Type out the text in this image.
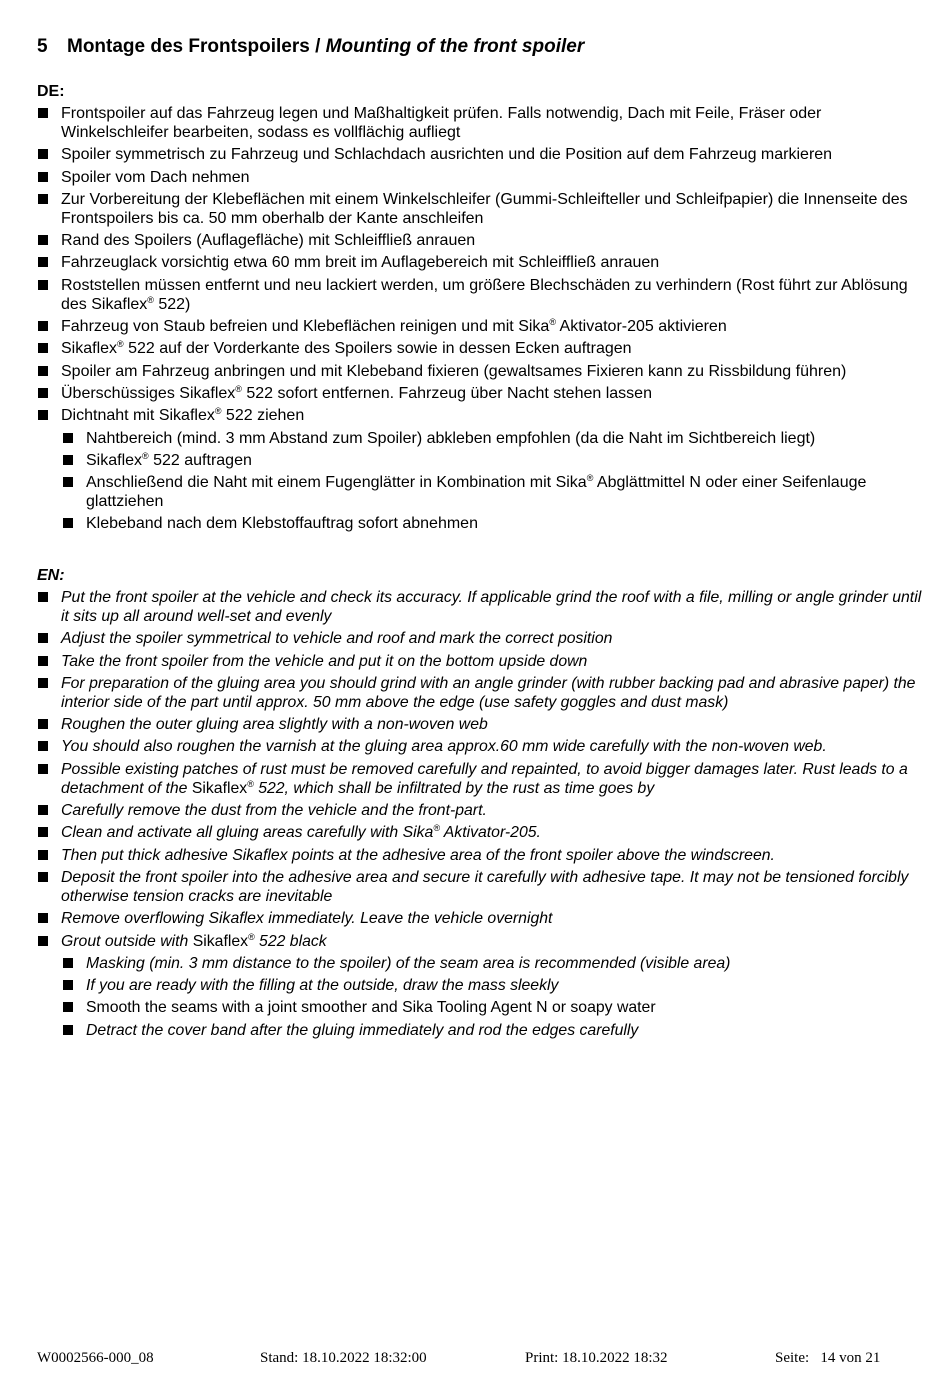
5 Montage des Frontspoilers / Mounting of the front spoiler
DE:
Frontspoiler auf das Fahrzeug legen und Maßhaltigkeit prüfen. Falls notwendig, Dach mit Feile, Fräser oder Winkelschleifer bearbeiten, sodass es vollflächig aufliegt
Spoiler symmetrisch zu Fahrzeug und Schlachdach ausrichten und die Position auf dem Fahrzeug markieren
Spoiler vom Dach nehmen
Zur Vorbereitung der Klebeflächen mit einem Winkelschleifer (Gummi-Schleifteller und Schleifpapier) die Innenseite des Frontspoilers bis ca. 50 mm oberhalb der Kante anschleifen
Rand des Spoilers (Auflagefläche) mit Schleiffließ anrauen
Fahrzeuglack vorsichtig etwa 60 mm breit im Auflagebereich mit Schleiffließ anrauen
Roststellen müssen entfernt und neu lackiert werden, um größere Blechschäden zu verhindern (Rost führt zur Ablösung des Sikaflex® 522)
Fahrzeug von Staub befreien und Klebeflächen reinigen und mit Sika® Aktivator-205 aktivieren
Sikaflex® 522 auf der Vorderkante des Spoilers sowie in dessen Ecken auftragen
Spoiler am Fahrzeug anbringen und mit Klebeband fixieren (gewaltsames Fixieren kann zu Rissbildung führen)
Überschüssiges Sikaflex® 522 sofort entfernen. Fahrzeug über Nacht stehen lassen
Dichtnaht mit Sikaflex® 522 ziehen
Nahtbereich (mind. 3 mm Abstand zum Spoiler) abkleben empfohlen (da die Naht im Sichtbereich liegt)
Sikaflex® 522 auftragen
Anschließend die Naht mit einem Fugenglätter in Kombination mit Sika® Abglättmittel N oder einer Seifenlauge glattziehen
Klebeband nach dem Klebstoffauftrag sofort abnehmen
EN:
Put the front spoiler at the vehicle and check its accuracy. If applicable grind the roof with a file, milling or angle grinder until it sits up all around well-set and evenly
Adjust the spoiler symmetrical to vehicle and roof and mark the correct position
Take the front spoiler from the vehicle and put it on the bottom upside down
For preparation of the gluing area you should grind with an angle grinder (with rubber backing pad and abrasive paper) the interior side of the part until approx. 50 mm above the edge (use safety goggles and dust mask)
Roughen the outer gluing area slightly with a non-woven web
You should also roughen the varnish at the gluing area approx.60 mm wide carefully with the non-woven web.
Possible existing patches of rust must be removed carefully and repainted, to avoid bigger damages later. Rust leads to a detachment of the Sikaflex® 522, which shall be infiltrated by the rust as time goes by
Carefully remove the dust from the vehicle and the front-part.
Clean and activate all gluing areas carefully with Sika® Aktivator-205.
Then put thick adhesive Sikaflex points at the adhesive area of the front spoiler above the windscreen.
Deposit the front spoiler into the adhesive area and secure it carefully with adhesive tape. It may not be tensioned forcibly otherwise tension cracks are inevitable
Remove overflowing Sikaflex immediately. Leave the vehicle overnight
Grout outside with Sikaflex® 522 black
Masking (min. 3 mm distance to the spoiler) of the seam area is recommended (visible area)
If you are ready with the filling at the outside, draw the mass sleekly
Smooth the seams with a joint smoother and Sika Tooling Agent N or soapy water
Detract the cover band after the gluing immediately and rod the edges carefully
W0002566-000_08	Stand: 18.10.2022 18:32:00	Print: 18.10.2022 18:32	Seite:   14 von 21
